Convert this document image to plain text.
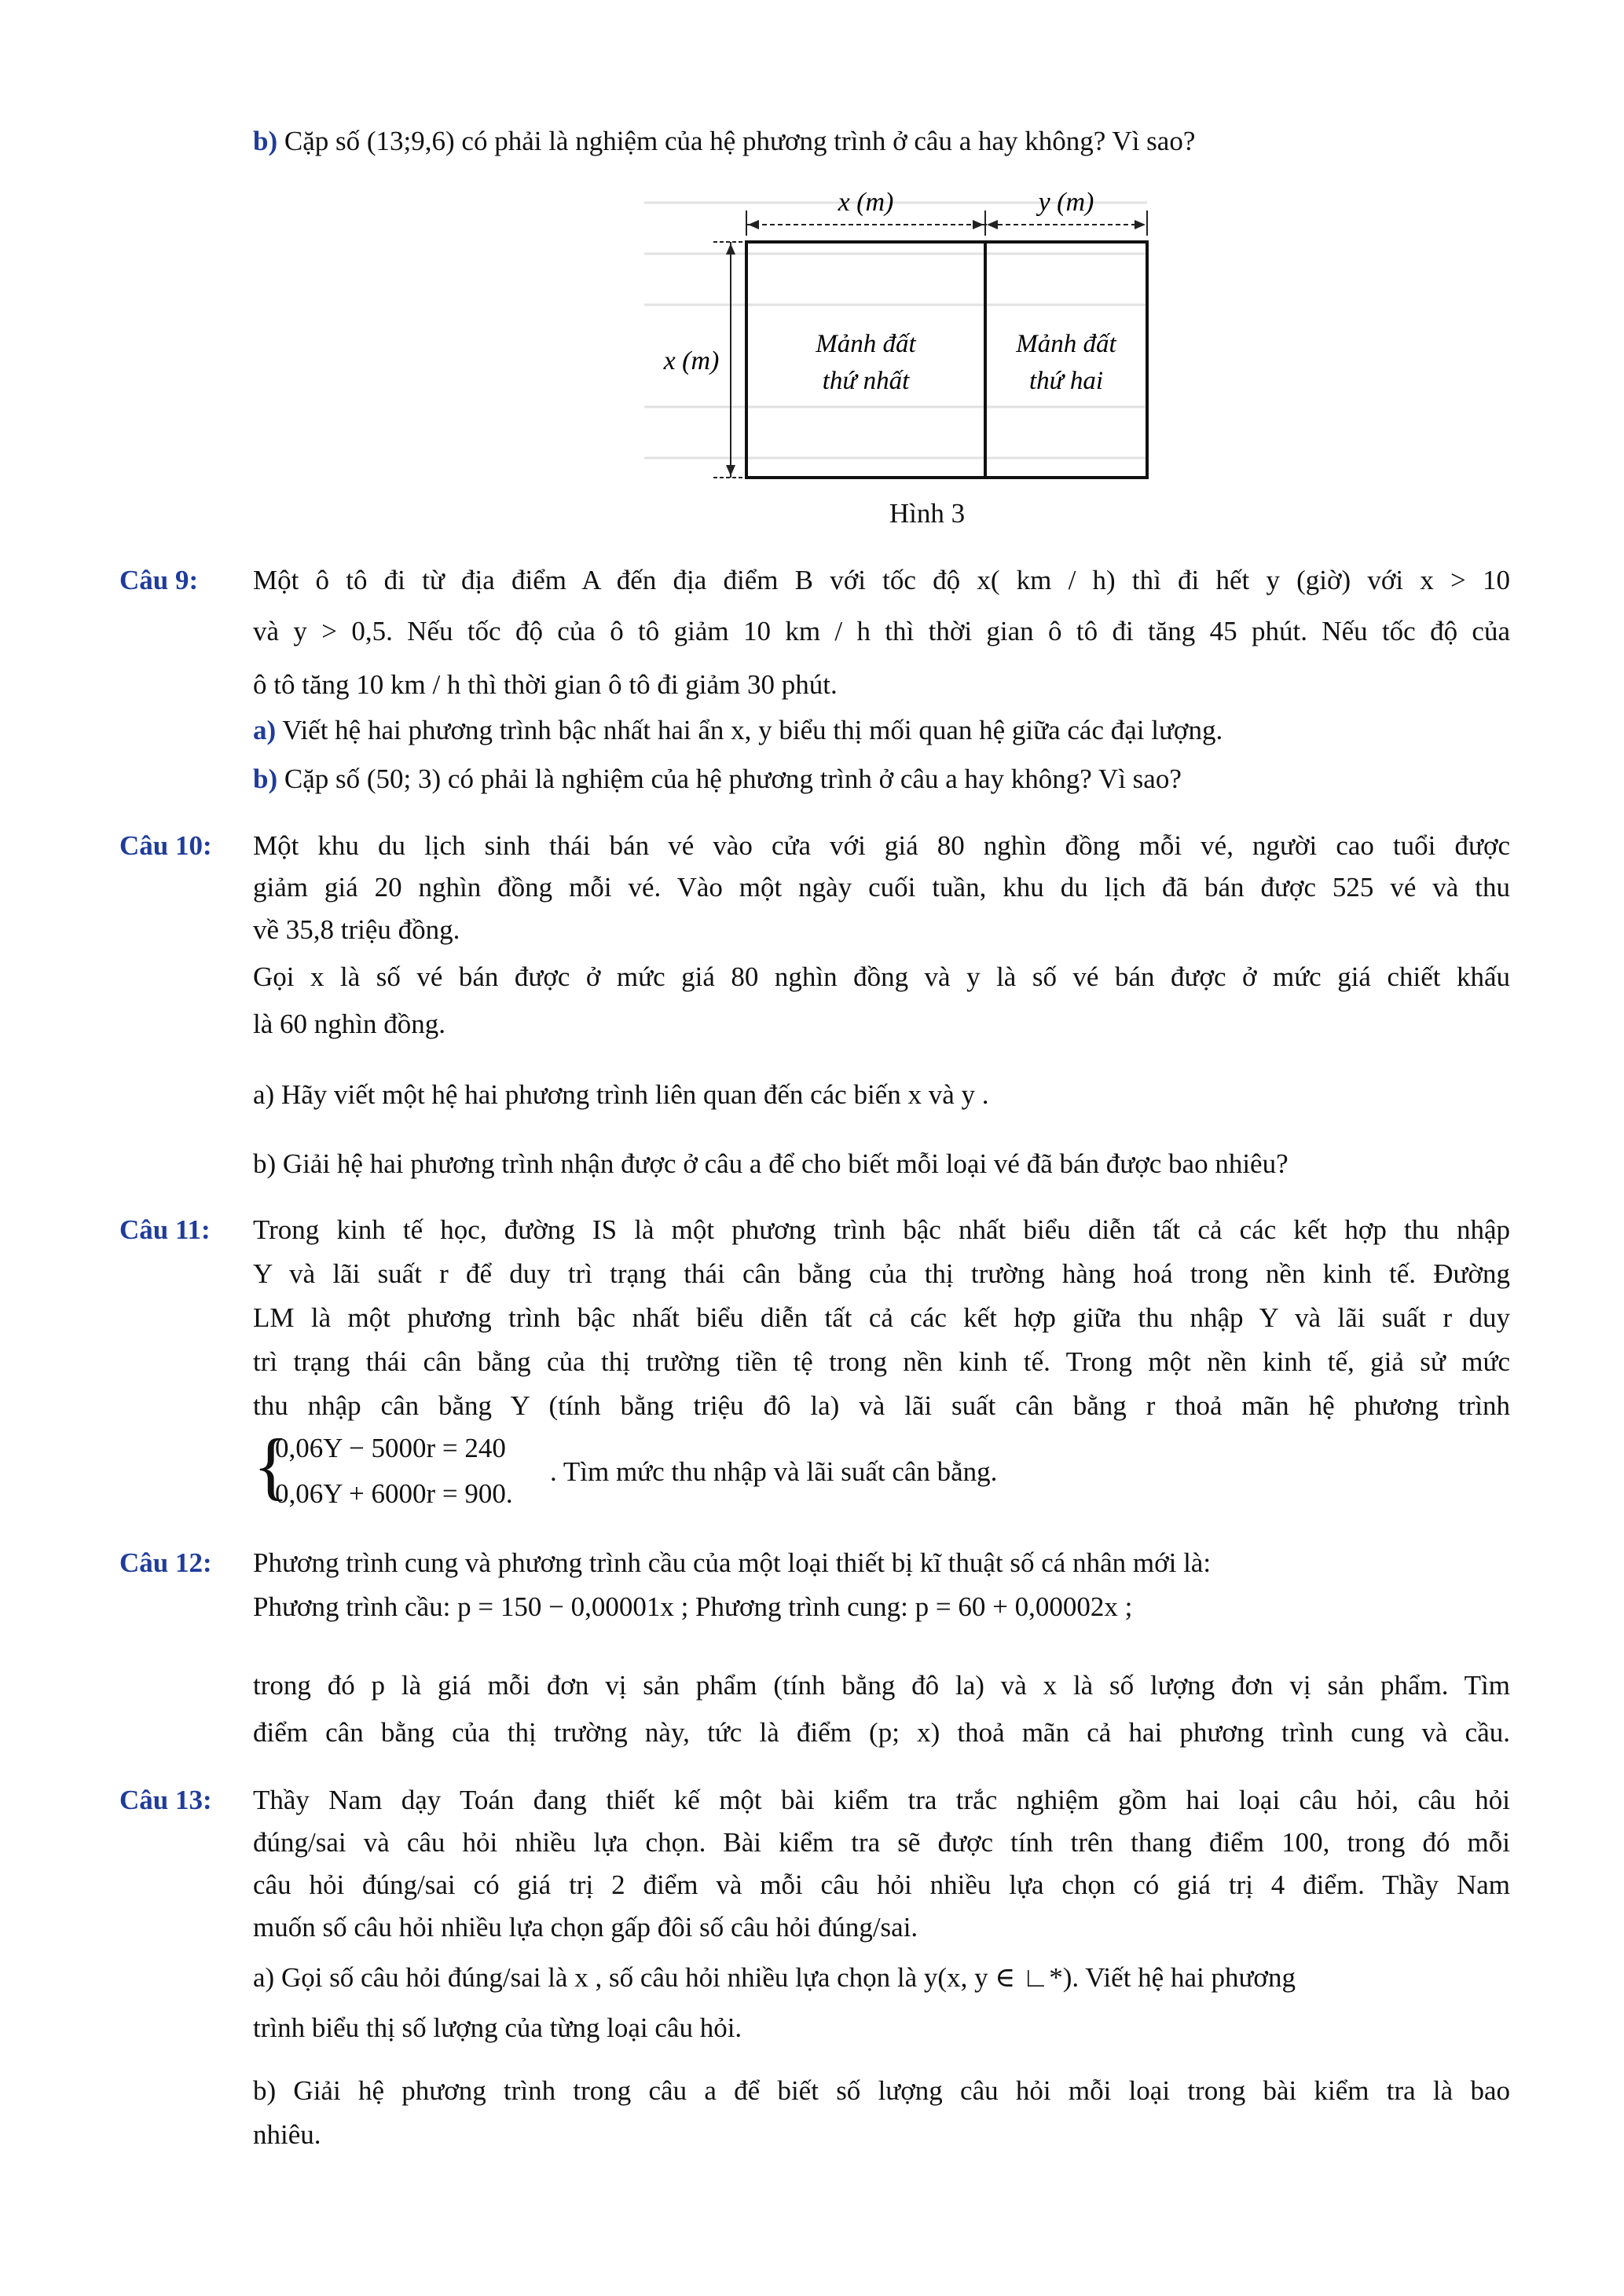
b) Cặp số (13;9,6) có phải là nghiệm của hệ phương trình ở câu a hay không? Vì sao?
x (m)	y (m)
x (m)
Mảnh đất
thứ nhất
Mảnh đất
thứ hai
Hình 3
Câu 9: Một ô tô đi từ địa điểm A đến địa điểm B với tốc độ x( km / h) thì đi hết y (giờ) với x > 10
và y > 0,5. Nếu tốc độ của ô tô giảm 10 km / h thì thời gian ô tô đi tăng 45 phút. Nếu tốc độ của
ô tô tăng 10 km / h thì thời gian ô tô đi giảm 30 phút.
a) Viết hệ hai phương trình bậc nhất hai ẩn x, y biểu thị mối quan hệ giữa các đại lượng.
b) Cặp số (50; 3) có phải là nghiệm của hệ phương trình ở câu a hay không? Vì sao?
Câu 10: Một khu du lịch sinh thái bán vé vào cửa với giá 80 nghìn đồng mỗi vé, người cao tuổi được
giảm giá 20 nghìn đồng mỗi vé. Vào một ngày cuối tuần, khu du lịch đã bán được 525 vé và thu
về 35,8 triệu đồng.
Gọi x là số vé bán được ở mức giá 80 nghìn đồng và y là số vé bán được ở mức giá chiết khấu
là 60 nghìn đồng.
a) Hãy viết một hệ hai phương trình liên quan đến các biến x và y .
b) Giải hệ hai phương trình nhận được ở câu a để cho biết mỗi loại vé đã bán được bao nhiêu?
Câu 11: Trong kinh tế học, đường IS là một phương trình bậc nhất biểu diễn tất cả các kết hợp thu nhập
Y và lãi suất r để duy trì trạng thái cân bằng của thị trường hàng hoá trong nền kinh tế. Đường
LM là một phương trình bậc nhất biểu diễn tất cả các kết hợp giữa thu nhập Y và lãi suất r duy
trì trạng thái cân bằng của thị trường tiền tệ trong nền kinh tế. Trong một nền kinh tế, giả sử mức
thu nhập cân bằng Y (tính bằng triệu đô la) và lãi suất cân bằng r thoả mãn hệ phương trình
{
0,06Y − 5000r = 240
0,06Y + 6000r = 900.
. Tìm mức thu nhập và lãi suất cân bằng.
Câu 12: Phương trình cung và phương trình cầu của một loại thiết bị kĩ thuật số cá nhân mới là:
Phương trình cầu: p = 150 − 0,00001x ; Phương trình cung: p = 60 + 0,00002x ;
trong đó p là giá mỗi đơn vị sản phẩm (tính bằng đô la) và x là số lượng đơn vị sản phẩm. Tìm
điểm cân bằng của thị trường này, tức là điểm (p; x) thoả mãn cả hai phương trình cung và cầu.
Câu 13: Thầy Nam dạy Toán đang thiết kế một bài kiểm tra trắc nghiệm gồm hai loại câu hỏi, câu hỏi
đúng/sai và câu hỏi nhiều lựa chọn. Bài kiểm tra sẽ được tính trên thang điểm 100, trong đó mỗi
câu hỏi đúng/sai có giá trị 2 điểm và mỗi câu hỏi nhiều lựa chọn có giá trị 4 điểm. Thầy Nam
muốn số câu hỏi nhiều lựa chọn gấp đôi số câu hỏi đúng/sai.
a) Gọi số câu hỏi đúng/sai là x , số câu hỏi nhiều lựa chọn là y(x, y ∈ ∟*). Viết hệ hai phương
trình biểu thị số lượng của từng loại câu hỏi.
b) Giải hệ phương trình trong câu a để biết số lượng câu hỏi mỗi loại trong bài kiểm tra là bao
nhiêu.
